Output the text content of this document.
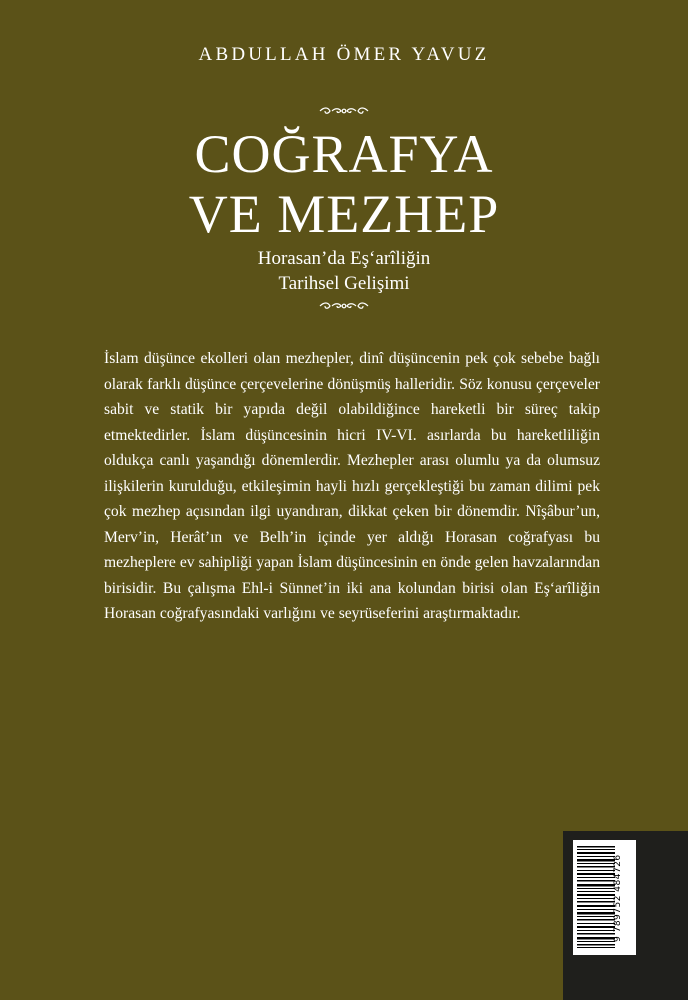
ABDULLAH ÖMER YAVUZ
COĞRAFYA
VE MEZHEP
Horasan’da Eş‘arîliğin
Tarihsel Gelişimi

İslam düşünce ekolleri olan mezhepler, dinî düşüncenin pek çok sebebe bağlı olarak farklı düşünce çerçevelerine dönüşmüş halleridir. Söz konusu çerçeveler sabit ve statik bir yapıda değil olabildiğince hareketli bir süreç takip etmektedirler. İslam düşüncesinin hicri IV-VI. asırlarda bu hareketliliğin oldukça canlı yaşandığı dönemlerdir. Mezhepler arası olumlu ya da olumsuz ilişkilerin kurulduğu, etkileşimin hayli hızlı gerçekleştiği bu zaman dilimi pek çok mezhep açısından ilgi uyandıran, dikkat çeken bir dönemdir. Nîşâbur’un, Merv’in, Herât’ın ve Belh’in içinde yer aldığı Horasan coğrafyası bu mezheplere ev sahipliği yapan İslam düşüncesinin en önde gelen havzalarından birisidir. Bu çalışma Ehl-i Sünnet’in iki ana kolundan birisi olan Eş‘arîliğin Horasan coğrafyasındaki varlığını ve seyrüseferini araştırmaktadır.

9 789752 484726
